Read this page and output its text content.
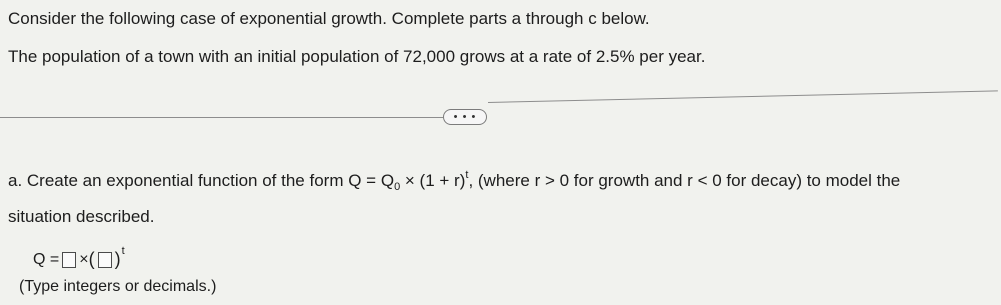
Consider the following case of exponential growth. Complete parts a through c below.
The population of a town with an initial population of 72,000 grows at a rate of 2.5% per year.
• • •
a. Create an exponential function of the form $Q = Q_0 \times (1 + r)^t$, (where r > 0 for growth and r < 0 for decay) to model the
situation described.
Q = × ( ) t
(Type integers or decimals.)
